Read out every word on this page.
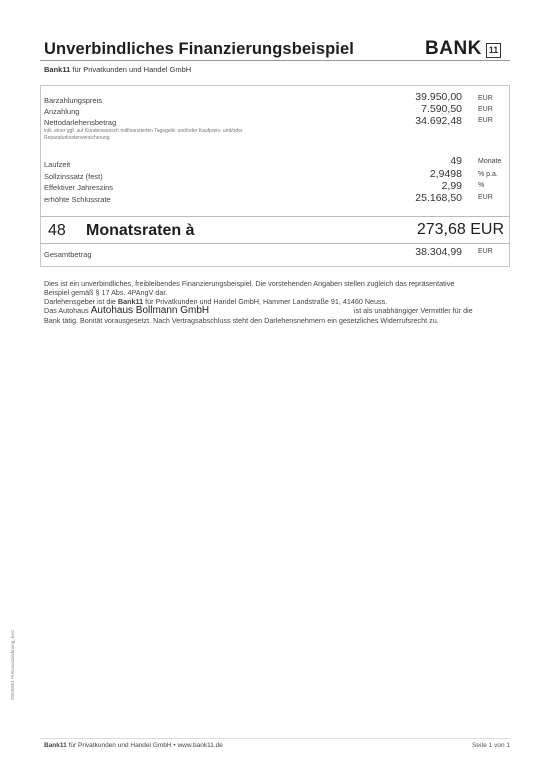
Unverbindliches Finanzierungsbeispiel
Bank11 für Privatkunden und Handel GmbH
BANK 11
Barzahlungspreis	39.950,00 EUR
Anzahlung	7.590,50 EUR
Nettodarlehensbetrag	34.692,48 EUR
inkl. einer ggf. auf Kundenwunsch mitfinanzierten Tagegeld- und/oder Kaufpreis- und/oder Reparaturkostenversicherung
Laufzeit	49 Monate
Sollzinssatz (fest)	2,9498 % p.a.
Effektiver Jahreszins	2,99 %
erhöhte Schlussrate	25.168,50 EUR
48 Monatsraten à	273,68 EUR
Gesamtbetrag	38.304,99 EUR
Dies ist ein unverbindliches, freibleibendes Finanzierungsbeispiel. Die vorstehenden Angaben stellen zugleich das repräsentative
Beispiel gemäß § 17 Abs. 4PAngV dar.
Darlehensgeber ist die Bank11 für Privatkunden und Handel GmbH, Hammer Landstraße 91, 41460 Neuss.
Das Autohaus Autohaus Bollmann GmbH	ist als unabhängiger Vermittler für die
Bank tätig. Bonität vorausgesetzt. Nach Vertragsabschluss steht den Darlehensnehmern ein gesetzliches Widerrufsrecht zu.
20040601 Preisauszeichnung_kurz
Bank11 für Privatkunden und Handel GmbH • www.bank11.de	Seite 1 von 1
